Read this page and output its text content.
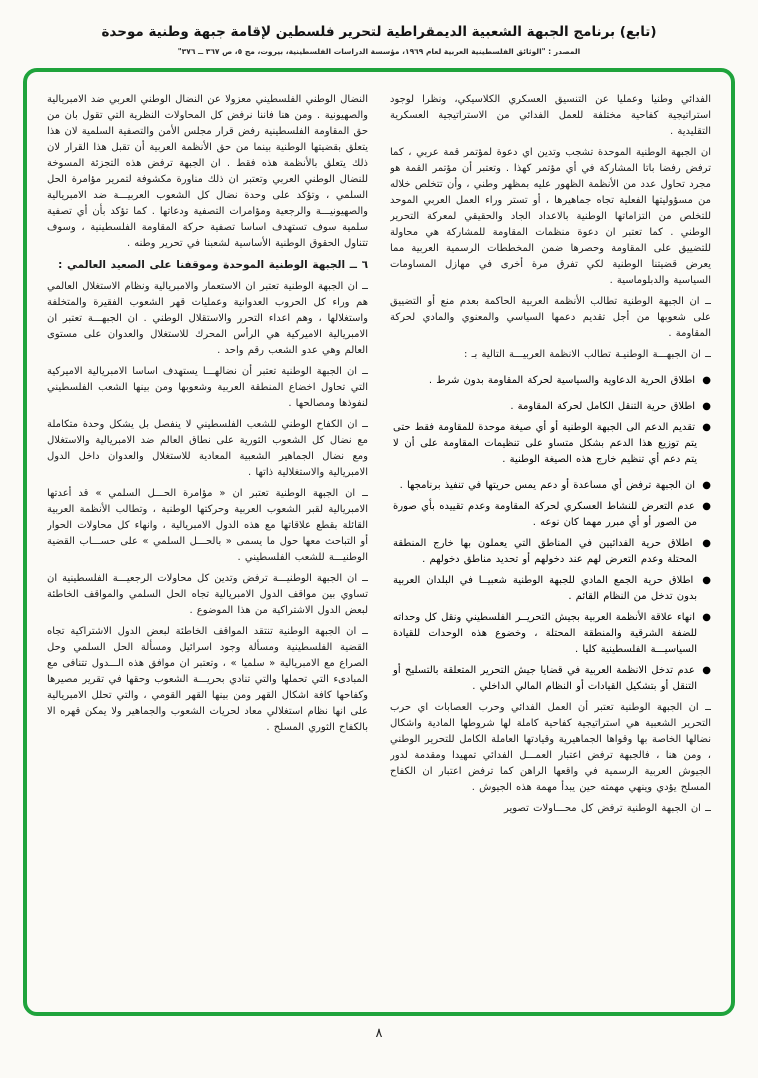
(تابع) برنامج الجبهة الشعبية الديمقراطية لتحرير فلسطين لإقامة جبهة وطنية موحدة
المصدر : "الوثائق الفلسطينية العربية لعام ١٩٦٩، مؤسسة الدراسات الفلسطينية، بيروت، مج ٥، ص ٣٦٧ ــ ٣٧٦"

الفدائي وطنيا وعمليا عن التنسيق العسكري الكلاسيكي، ونظرا لوجود استراتيجية كفاحية مختلفة للعمل الفدائي من الاستراتيجية العسكرية التقليدية .

ان الجبهة الوطنية الموحدة تشجب وتدين اي دعوة لمؤتمر قمة عربي ، كما ترفض رفضا باتا المشاركة في أي مؤتمر كهذا . وتعتبر أن مؤتمر القمة هو مجرد تحاول عدد من الأنظمة الظهور عليه بمظهر وطني ، وأن تتخلص خلاله من مسؤوليتها الفعلية تجاه جماهيرها ، أو تستر وراء العمل العربي الموحد للتخلص من التزاماتها الوطنية بالاعداد الجاد والحقيقي لمعركة التحرير الوطني . كما تعتبر ان دعوة منظمات المقاومة للمشاركة هي محاولة للتضييق على المقاومة وحصرها ضمن المخططات الرسمية العربية مما يعرض قضيتنا الوطنية لكي تفرق مرة أخرى في مهازل المساومات السياسية والدبلوماسية .

ــ ان الجبهة الوطنية تطالب الأنظمة العربية الحاكمة بعدم منع أو التضييق على شعوبها من أجل تقديم دعمها السياسي والمعنوي والمادي لحركة المقاومة .

ــ ان الجبهـــة الوطنيـة تطالب الانظمة العربيـــة التالية بـ :

● اطلاق الحرية الدعاوية والسياسية لحركة المقاومة بدون شرط .

● اطلاق حرية التنقل الكامل لحركة المقاومة .

● تقديم الدعم الى الجبهة الوطنية أو أي صيغة موحدة للمقاومة فقط حتى يتم توزيع هذا الدعم بشكل متساو على تنظيمات المقاومة على أن لا يتم دعم أي تنظيم خارج هذه الصيغة الوطنية .

● ان الجبهة ترفض أي مساعدة أو دعم يمس حريتها في تنفيذ برنامجها .

● عدم التعرض للنشاط العسكري لحركة المقاومة وعدم تقييده بأي صورة من الصور أو أي مبرر مهما كان نوعه .

● اطلاق حرية الفدائيين في المناطق التي يعملون بها خارج المنطقة المحتلة وعدم التعرض لهم عند دخولهم أو تحديد مناطق دخولهم .

● اطلاق حرية الجمع المادي للجبهة الوطنية شعبيــا في البلدان العربية بدون تدخل من النظام القائم .

● انهاء علاقة الأنظمة العربية بجيش التحريــر الفلسطيني ونقل كل وحداته للضفة الشرقية والمنطقة المحتلة ، وخضوع هذه الوحدات للقيادة السياسيـــة الفلسطينية كليا .

● عدم تدخل الانظمة العربية في قضايا جيش التحرير المتعلقة بالتسليح أو التنقل أو بتشكيل القيادات أو النظام المالي الداخلي .

ــ ان الجبهة الوطنية تعتبر أن العمل الفدائي وحرب العصابات اي حرب التحرير الشعبية هي استراتيجية كفاحية كاملة لها شروطها المادية واشكال نضالها الخاصة بها وقواها الجماهيرية وقيادتها العاملة الكامل للتحرير الوطني ، ومن هنا ، فالجبهة ترفض اعتبار العمـــل الفدائي تمهيدا ومقدمة لدور الجيوش العربية الرسمية في واقعها الراهن كما ترفض اعتبار ان الكفاح المسلح يؤدي وينهي مهمته حين يبدأ مهمة هذه الجيوش .

ــ ان الجبهة الوطنية ترفض كل محـــاولات تصوير

النضال الوطني الفلسطيني معزولا عن النضال الوطني العربي ضد الامبريالية والصهيونية . ومن هنا فاننا نرفض كل المحاولات النظرية التي تقول بان من حق المقاومة الفلسطينية رفض قرار مجلس الأمن والتصفية السلمية لان هذا يتعلق بقضيتها الوطنية بينما من حق الأنظمة العربية أن تقبل هذا القرار لان ذلك يتعلق بالأنظمة هذه فقط . ان الجبهة ترفض هذه التجزئة المسوخة للنضال الوطني العربي وتعتبر ان ذلك مناورة مكشوفة لتمرير مؤامرة الحل السلمي ، وتؤكد على وحدة نضال كل الشعوب العربيـــة ضد الامبريالية والصهيونيـــة والرجعية ومؤامرات التصفية ودعاتها . كما تؤكد بأن أي تصفية سلمية سوف تستهدف اساسا تصفية حركة المقاومة الفلسطينية ، وسوف تتناول الحقوق الوطنية الأساسية لشعبنا في تحرير وطنه .

٦ ــ الجبهة الوطنية الموحدة وموقفنا على الصعيد العالمي :

ــ ان الجبهة الوطنية تعتبر ان الاستعمار والامبريالية ونظام الاستغلال العالمي هم وراء كل الحروب العدوانية وعمليات قهر الشعوب الفقيرة والمتخلفة واستغلالها ، وهم اعداء التحرر والاستقلال الوطني . ان الجبهـــة تعتبر ان الامبريالية الاميركية هي الرأس المحرك للاستغلال والعدوان على مستوى العالم وهي عدو الشعب رقم واحد .

ــ ان الجبهة الوطنية تعتبر أن نضالهـــا يستهدف اساسا الامبريالية الاميركية التي تحاول اخضاع المنطقة العربية وشعوبها ومن بينها الشعب الفلسطيني لنفوذها ومصالحها .

ــ ان الكفاح الوطني للشعب الفلسطيني لا ينفصل بل يشكل وحدة متكاملة مع نضال كل الشعوب الثورية على نطاق العالم ضد الامبريالية والاستغلال ومع نضال الجماهير الشعبية المعادية للاستغلال والعدوان داخل الدول الامبريالية والاستغلالية ذاتها .

ــ ان الجبهة الوطنية تعتبر ان « مؤامرة الحـــل السلمي » قد أعدتها الامبريالية لقبر الشعوب العربية وحركتها الوطنية ، وتطالب الأنظمة العربية القائلة بقطع علاقاتها مع هذه الدول الامبريالية ، وانهاء كل محاولات الحوار أو التباحث معها حول ما يسمى « بالحـــل السلمي » على حســـاب القضية الوطنيـــة للشعب الفلسطيني .

ــ ان الجبهة الوطنيـــة ترفض وتدين كل محاولات الرجعيـــة الفلسطينية ان تساوي بين مواقف الدول الامبريالية تجاه الحل السلمي والمواقف الخاطئة لبعض الدول الاشتراكية من هذا الموضوع .

ــ ان الجبهة الوطنية تنتقد المواقف الخاطئة لبعض الدول الاشتراكية تجاه القضية الفلسطينية ومسألة وجود اسرائيل ومسألة الحل السلمي وحل الصراع مع الامبريالية « سلميا » ، وتعتبر ان موافق هذه الـــدول تتنافى مع المبادىء التي تحملها والتي تنادي بحريـــة الشعوب وحقها في تقرير مصيرها وكفاحها كافة اشكال القهر ومن بينها القهر القومي ، والتي تحلل الامبريالية على انها نظام استغلالي معاد لحريات الشعوب والجماهير ولا يمكن قهره الا بالكفاح الثوري المسلح .

٨
